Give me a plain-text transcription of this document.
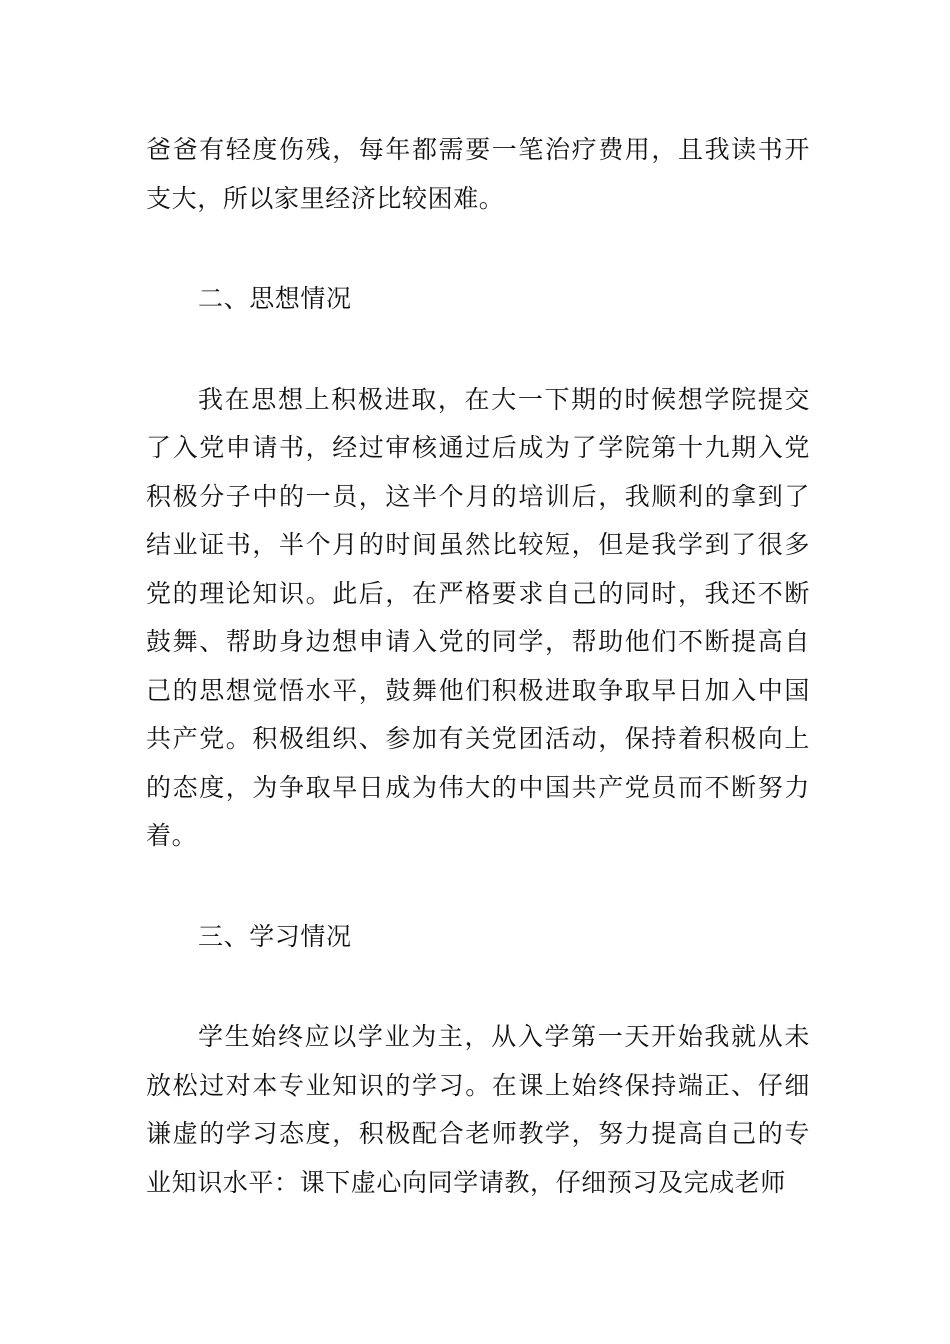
爸爸有轻度伤残，每年都需要一笔治疗费用，且我读书开支大，所以家里经济比较困难。

二、思想情况

我在思想上积极进取，在大一下期的时候想学院提交了入党申请书，经过审核通过后成为了学院第十九期入党积极分子中的一员，这半个月的培训后，我顺利的拿到了结业证书，半个月的时间虽然比较短，但是我学到了很多党的理论知识。此后，在严格要求自己的同时，我还不断鼓舞、帮助身边想申请入党的同学，帮助他们不断提高自己的思想觉悟水平，鼓舞他们积极进取争取早日加入中国共产党。积极组织、参加有关党团活动，保持着积极向上的态度，为争取早日成为伟大的中国共产党员而不断努力着。

三、学习情况

学生始终应以学业为主，从入学第一天开始我就从未放松过对本专业知识的学习。在课上始终保持端正、仔细谦虚的学习态度，积极配合老师教学，努力提高自己的专业知识水平：课下虚心向同学请教，仔细预习及完成老师
